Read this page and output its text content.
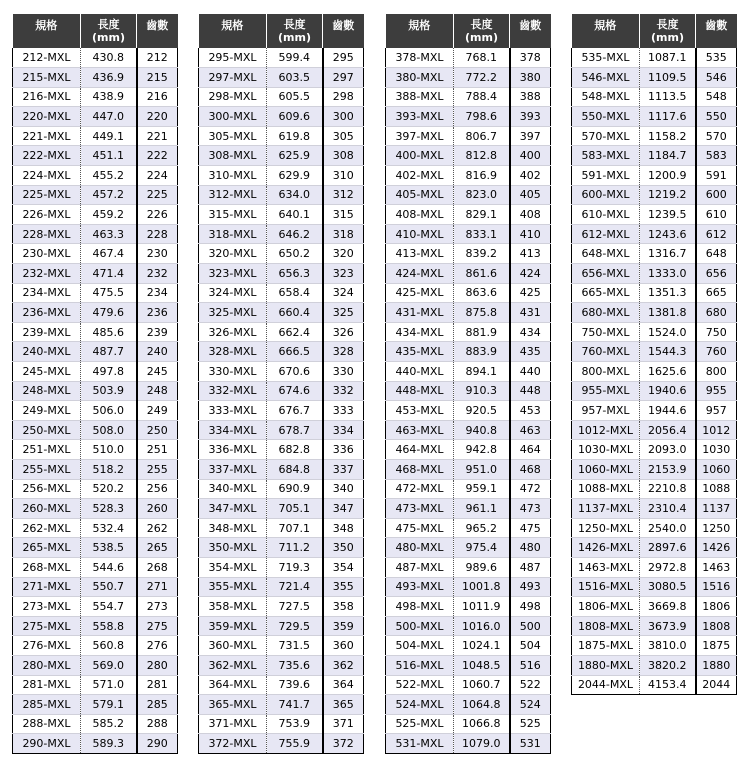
規格	長度
(mm)	齒數
212-MXL	430.8	212
215-MXL	436.9	215
216-MXL	438.9	216
220-MXL	447.0	220
221-MXL	449.1	221
222-MXL	451.1	222
224-MXL	455.2	224
225-MXL	457.2	225
226-MXL	459.2	226
228-MXL	463.3	228
230-MXL	467.4	230
232-MXL	471.4	232
234-MXL	475.5	234
236-MXL	479.6	236
239-MXL	485.6	239
240-MXL	487.7	240
245-MXL	497.8	245
248-MXL	503.9	248
249-MXL	506.0	249
250-MXL	508.0	250
251-MXL	510.0	251
255-MXL	518.2	255
256-MXL	520.2	256
260-MXL	528.3	260
262-MXL	532.4	262
265-MXL	538.5	265
268-MXL	544.6	268
271-MXL	550.7	271
273-MXL	554.7	273
275-MXL	558.8	275
276-MXL	560.8	276
280-MXL	569.0	280
281-MXL	571.0	281
285-MXL	579.1	285
288-MXL	585.2	288
290-MXL	589.3	290
規格	長度
(mm)	齒數
295-MXL	599.4	295
297-MXL	603.5	297
298-MXL	605.5	298
300-MXL	609.6	300
305-MXL	619.8	305
308-MXL	625.9	308
310-MXL	629.9	310
312-MXL	634.0	312
315-MXL	640.1	315
318-MXL	646.2	318
320-MXL	650.2	320
323-MXL	656.3	323
324-MXL	658.4	324
325-MXL	660.4	325
326-MXL	662.4	326
328-MXL	666.5	328
330-MXL	670.6	330
332-MXL	674.6	332
333-MXL	676.7	333
334-MXL	678.7	334
336-MXL	682.8	336
337-MXL	684.8	337
340-MXL	690.9	340
347-MXL	705.1	347
348-MXL	707.1	348
350-MXL	711.2	350
354-MXL	719.3	354
355-MXL	721.4	355
358-MXL	727.5	358
359-MXL	729.5	359
360-MXL	731.5	360
362-MXL	735.6	362
364-MXL	739.6	364
365-MXL	741.7	365
371-MXL	753.9	371
372-MXL	755.9	372
規格	長度
(mm)	齒數
378-MXL	768.1	378
380-MXL	772.2	380
388-MXL	788.4	388
393-MXL	798.6	393
397-MXL	806.7	397
400-MXL	812.8	400
402-MXL	816.9	402
405-MXL	823.0	405
408-MXL	829.1	408
410-MXL	833.1	410
413-MXL	839.2	413
424-MXL	861.6	424
425-MXL	863.6	425
431-MXL	875.8	431
434-MXL	881.9	434
435-MXL	883.9	435
440-MXL	894.1	440
448-MXL	910.3	448
453-MXL	920.5	453
463-MXL	940.8	463
464-MXL	942.8	464
468-MXL	951.0	468
472-MXL	959.1	472
473-MXL	961.1	473
475-MXL	965.2	475
480-MXL	975.4	480
487-MXL	989.6	487
493-MXL	1001.8	493
498-MXL	1011.9	498
500-MXL	1016.0	500
504-MXL	1024.1	504
516-MXL	1048.5	516
522-MXL	1060.7	522
524-MXL	1064.8	524
525-MXL	1066.8	525
531-MXL	1079.0	531
規格	長度
(mm)	齒數
535-MXL	1087.1	535
546-MXL	1109.5	546
548-MXL	1113.5	548
550-MXL	1117.6	550
570-MXL	1158.2	570
583-MXL	1184.7	583
591-MXL	1200.9	591
600-MXL	1219.2	600
610-MXL	1239.5	610
612-MXL	1243.6	612
648-MXL	1316.7	648
656-MXL	1333.0	656
665-MXL	1351.3	665
680-MXL	1381.8	680
750-MXL	1524.0	750
760-MXL	1544.3	760
800-MXL	1625.6	800
955-MXL	1940.6	955
957-MXL	1944.6	957
1012-MXL	2056.4	1012
1030-MXL	2093.0	1030
1060-MXL	2153.9	1060
1088-MXL	2210.8	1088
1137-MXL	2310.4	1137
1250-MXL	2540.0	1250
1426-MXL	2897.6	1426
1463-MXL	2972.8	1463
1516-MXL	3080.5	1516
1806-MXL	3669.8	1806
1808-MXL	3673.9	1808
1875-MXL	3810.0	1875
1880-MXL	3820.2	1880
2044-MXL	4153.4	2044
